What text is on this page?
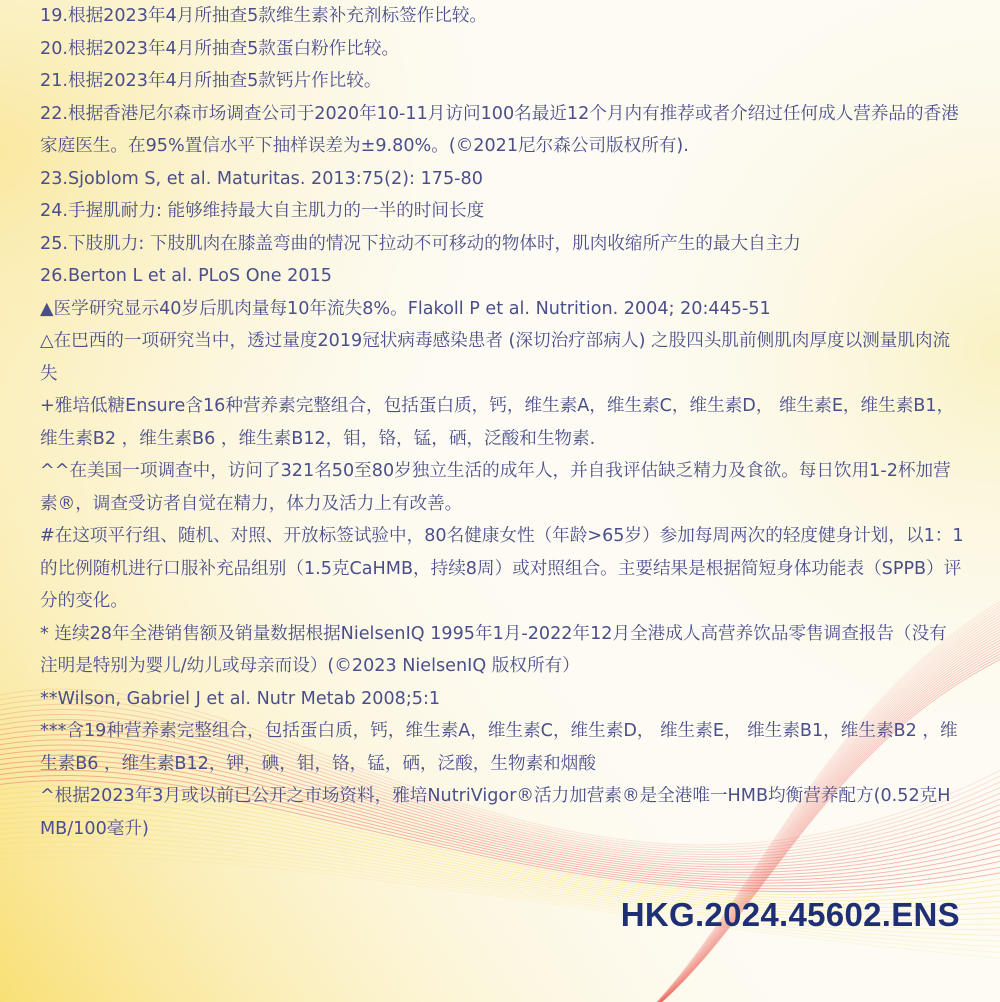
19.根据2023年4月所抽查5款维生素补充剂标签作比较。
20.根据2023年4月所抽查5款蛋白粉作比较。
21.根据2023年4月所抽查5款钙片作比较。
22.根据香港尼尔森市场调查公司于2020年10-11月访问100名最近12个月内有推荐或者介绍过任何成人营养品的香港家庭医生。在95%置信水平下抽样误差为±9.80%。(©2021尼尔森公司版权所有).
23.Sjoblom S, et al. Maturitas. 2013:75(2): 175-80
24.手握肌耐力: 能够维持最大自主肌力的一半的时间长度
25.下肢肌力: 下肢肌肉在膝盖弯曲的情况下拉动不可移动的物体时，肌肉收缩所产生的最大自主力
26.Berton L et al. PLoS One 2015
▲医学研究显示40岁后肌肉量每10年流失8%。Flakoll P et al. Nutrition. 2004; 20:445-51
△在巴西的一项研究当中，透过量度2019冠状病毒感染患者 (深切治疗部病人) 之股四头肌前侧肌肉厚度以测量肌肉流失
+雅培低糖Ensure含16种营养素完整组合，包括蛋白质，钙，维生素A，维生素C，维生素D， 维生素E，维生素B1，维生素B2 ，维生素B6 ，维生素B12，钼，铬，锰，硒，泛酸和生物素.
^^在美国一项调查中，访问了321名50至80岁独立生活的成年人，并自我评估缺乏精力及食欲。每日饮用1-2杯加营素®，调查受访者自觉在精力，体力及活力上有改善。
#在这项平行组、随机、对照、开放标签试验中，80名健康女性（年龄>65岁）参加每周两次的轻度健身计划，以1：1的比例随机进行口服补充品组别（1.5克CaHMB，持续8周）或对照组合。主要结果是根据简短身体功能表（SPPB）评分的变化。
* 连续28年全港销售额及销量数据根据NielsenIQ 1995年1月-2022年12月全港成人高营养饮品零售调查报告（没有注明是特别为婴儿/幼儿或母亲而设）(©2023 NielsenIQ 版权所有）
**Wilson, Gabriel J et al. Nutr Metab 2008;5:1
***含19种营养素完整组合，包括蛋白质，钙，维生素A，维生素C，维生素D， 维生素E， 维生素B1，维生素B2 ，维生素B6 ，维生素B12，钾，碘，钼，铬，锰，硒，泛酸，生物素和烟酸
^根据2023年3月或以前已公开之市场资料，雅培NutriVigor®活力加营素®是全港唯一HMB均衡营养配方(0.52克HMB/100毫升)
HKG.2024.45602.ENS
